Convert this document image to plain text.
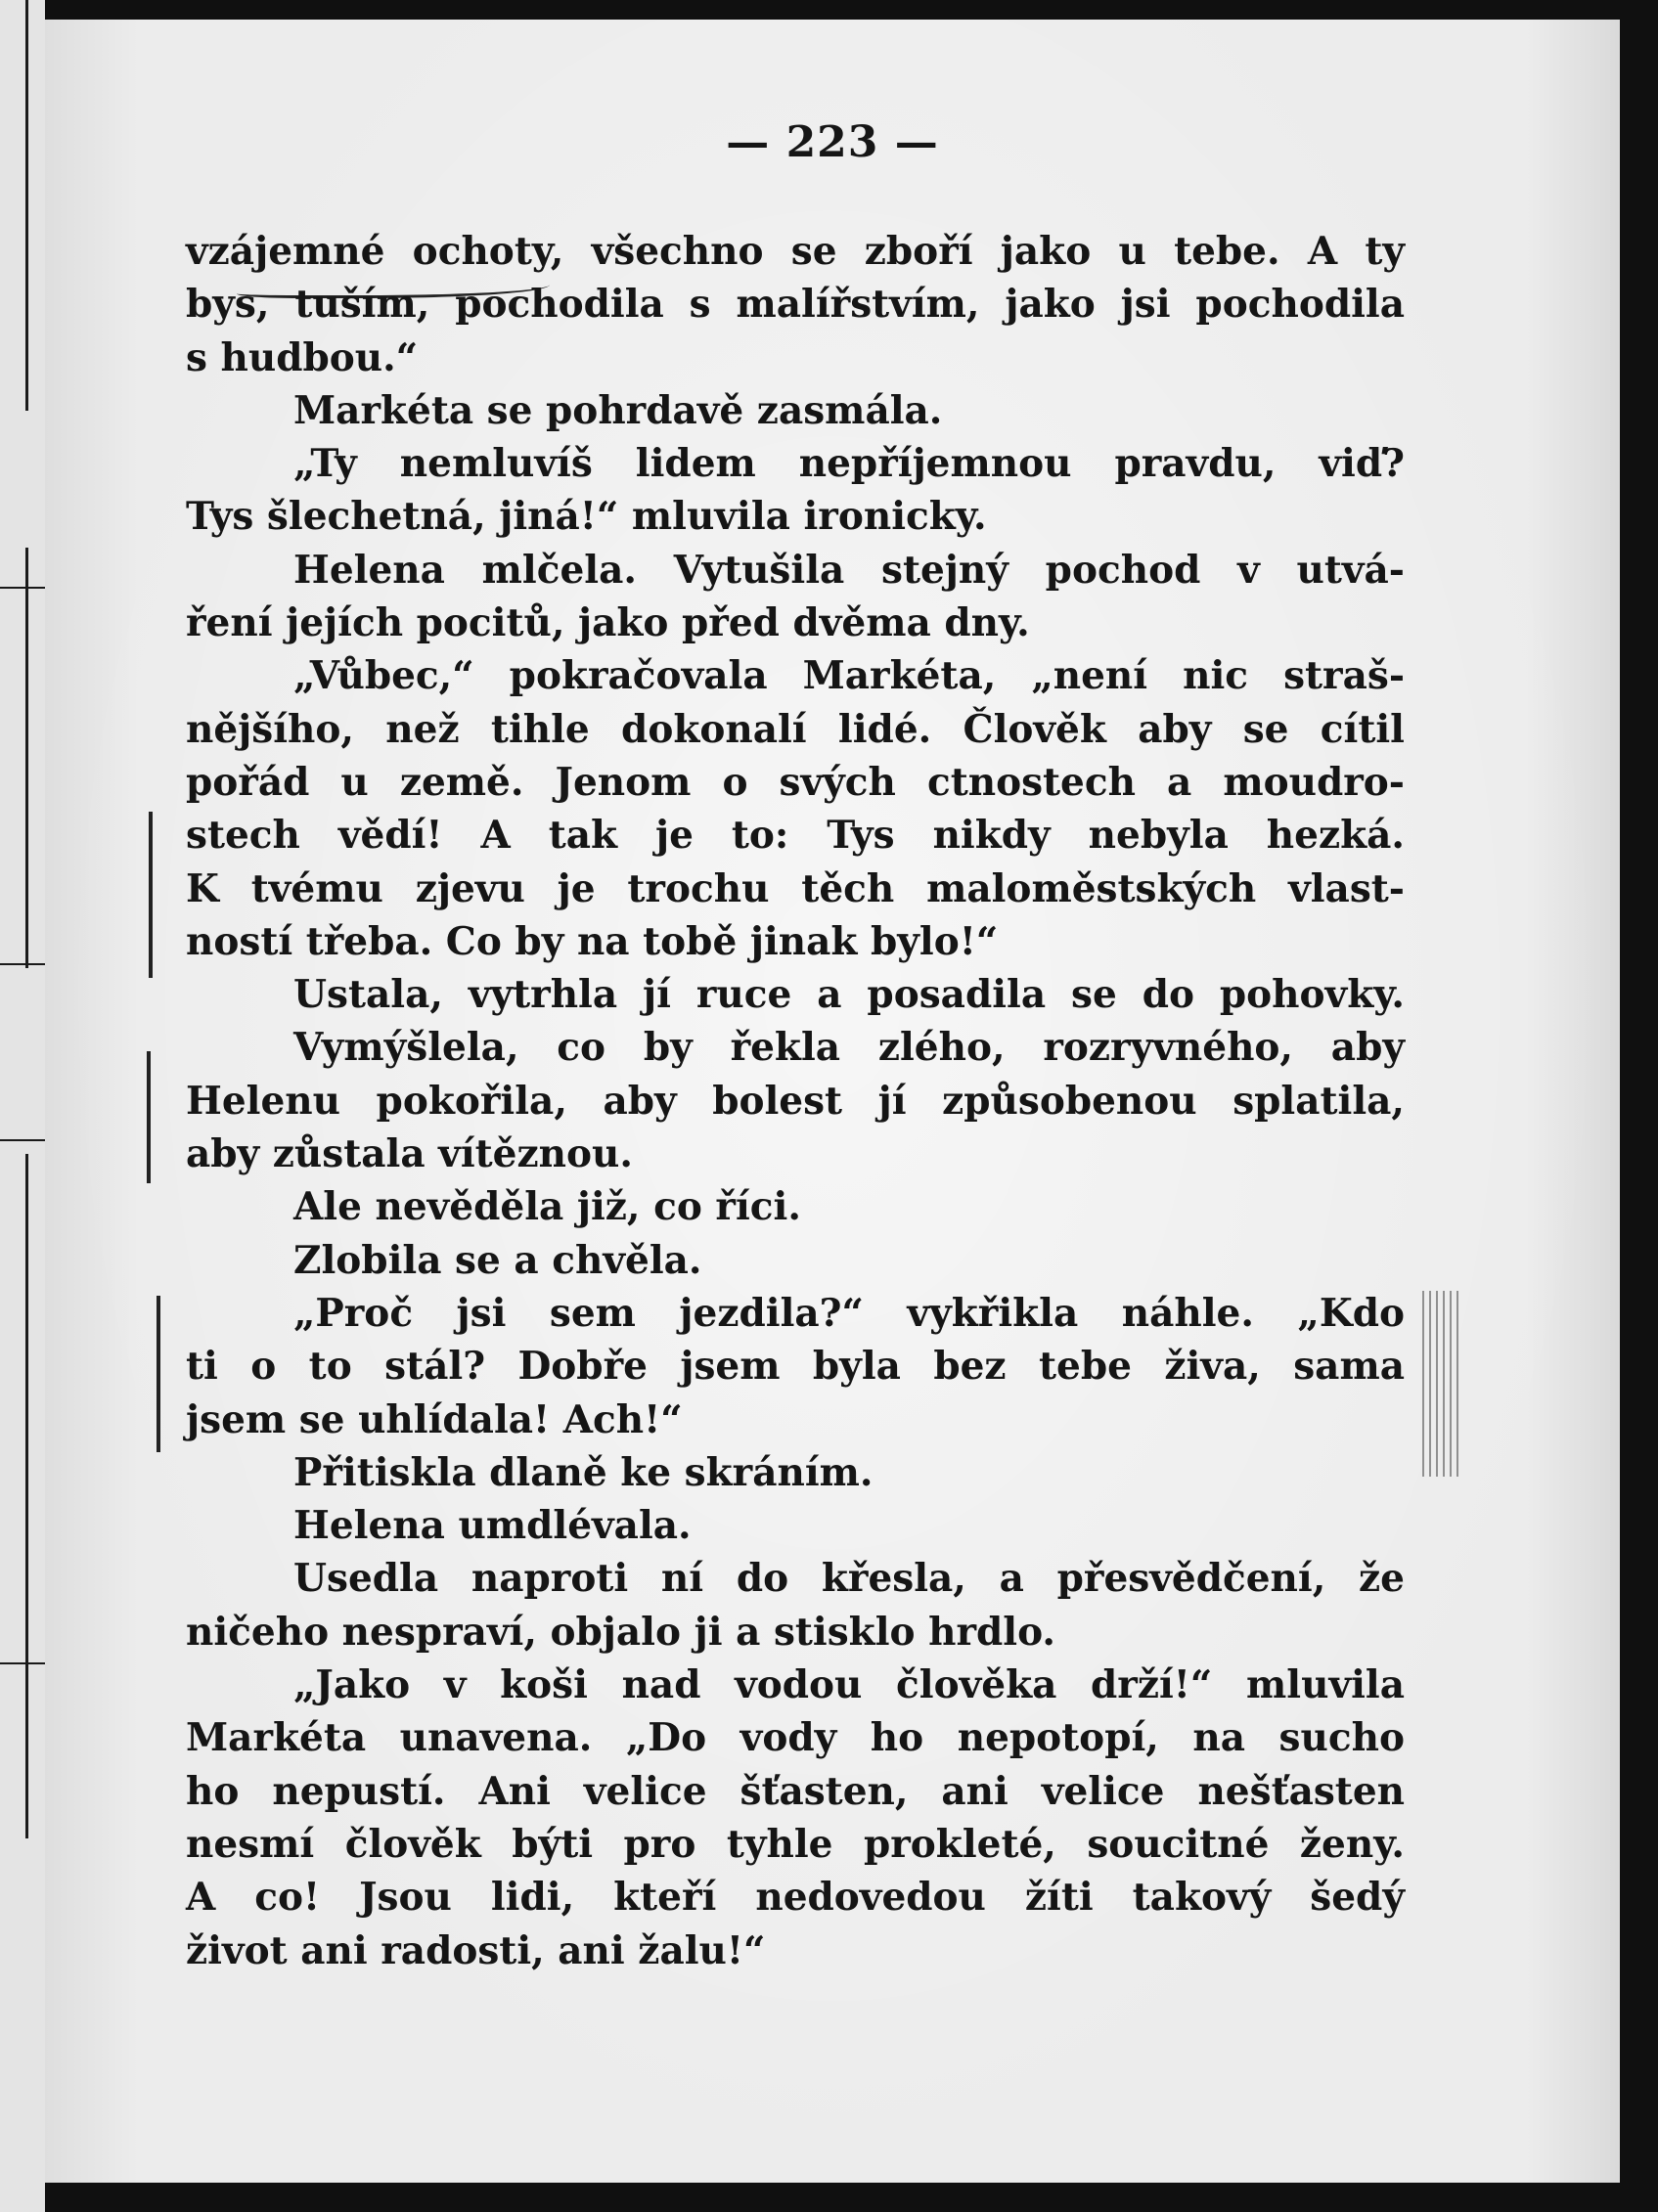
— 223 —
vzájemné ochoty, všechno se zboří jako u tebe. A ty
bys, tuším, pochodila s malířstvím, jako jsi pochodila
s hudbou.“
Markéta se pohrdavě zasmála.
„Ty nemluvíš lidem nepříjemnou pravdu, viď?
Tys šlechetná, jiná!“ mluvila ironicky.
Helena mlčela. Vytušila stejný pochod v utvá-
ření jejích pocitů, jako před dvěma dny.
„Vůbec,“ pokračovala Markéta, „není nic straš-
nějšího, než tihle dokonalí lidé. Člověk aby se cítil
pořád u země. Jenom o svých ctnostech a moudro-
stech vědí! A tak je to: Tys nikdy nebyla hezká.
K tvému zjevu je trochu těch maloměstských vlast-
ností třeba. Co by na tobě jinak bylo!“
Ustala, vytrhla jí ruce a posadila se do pohovky.
Vymýšlela, co by řekla zlého, rozryvného, aby
Helenu pokořila, aby bolest jí způsobenou splatila,
aby zůstala vítěznou.
Ale nevěděla již, co říci.
Zlobila se a chvěla.
„Proč jsi sem jezdila?“ vykřikla náhle. „Kdo
ti o to stál? Dobře jsem byla bez tebe živa, sama
jsem se uhlídala! Ach!“
Přitiskla dlaně ke skráním.
Helena umdlévala.
Usedla naproti ní do křesla, a přesvědčení, že
ničeho nespraví, objalo ji a stisklo hrdlo.
„Jako v koši nad vodou člověka drží!“ mluvila
Markéta unavena. „Do vody ho nepotopí, na sucho
ho nepustí. Ani velice šťasten, ani velice nešťasten
nesmí člověk býti pro tyhle prokleté, soucitné ženy.
A co! Jsou lidi, kteří nedovedou žíti takový šedý
život ani radosti, ani žalu!“
